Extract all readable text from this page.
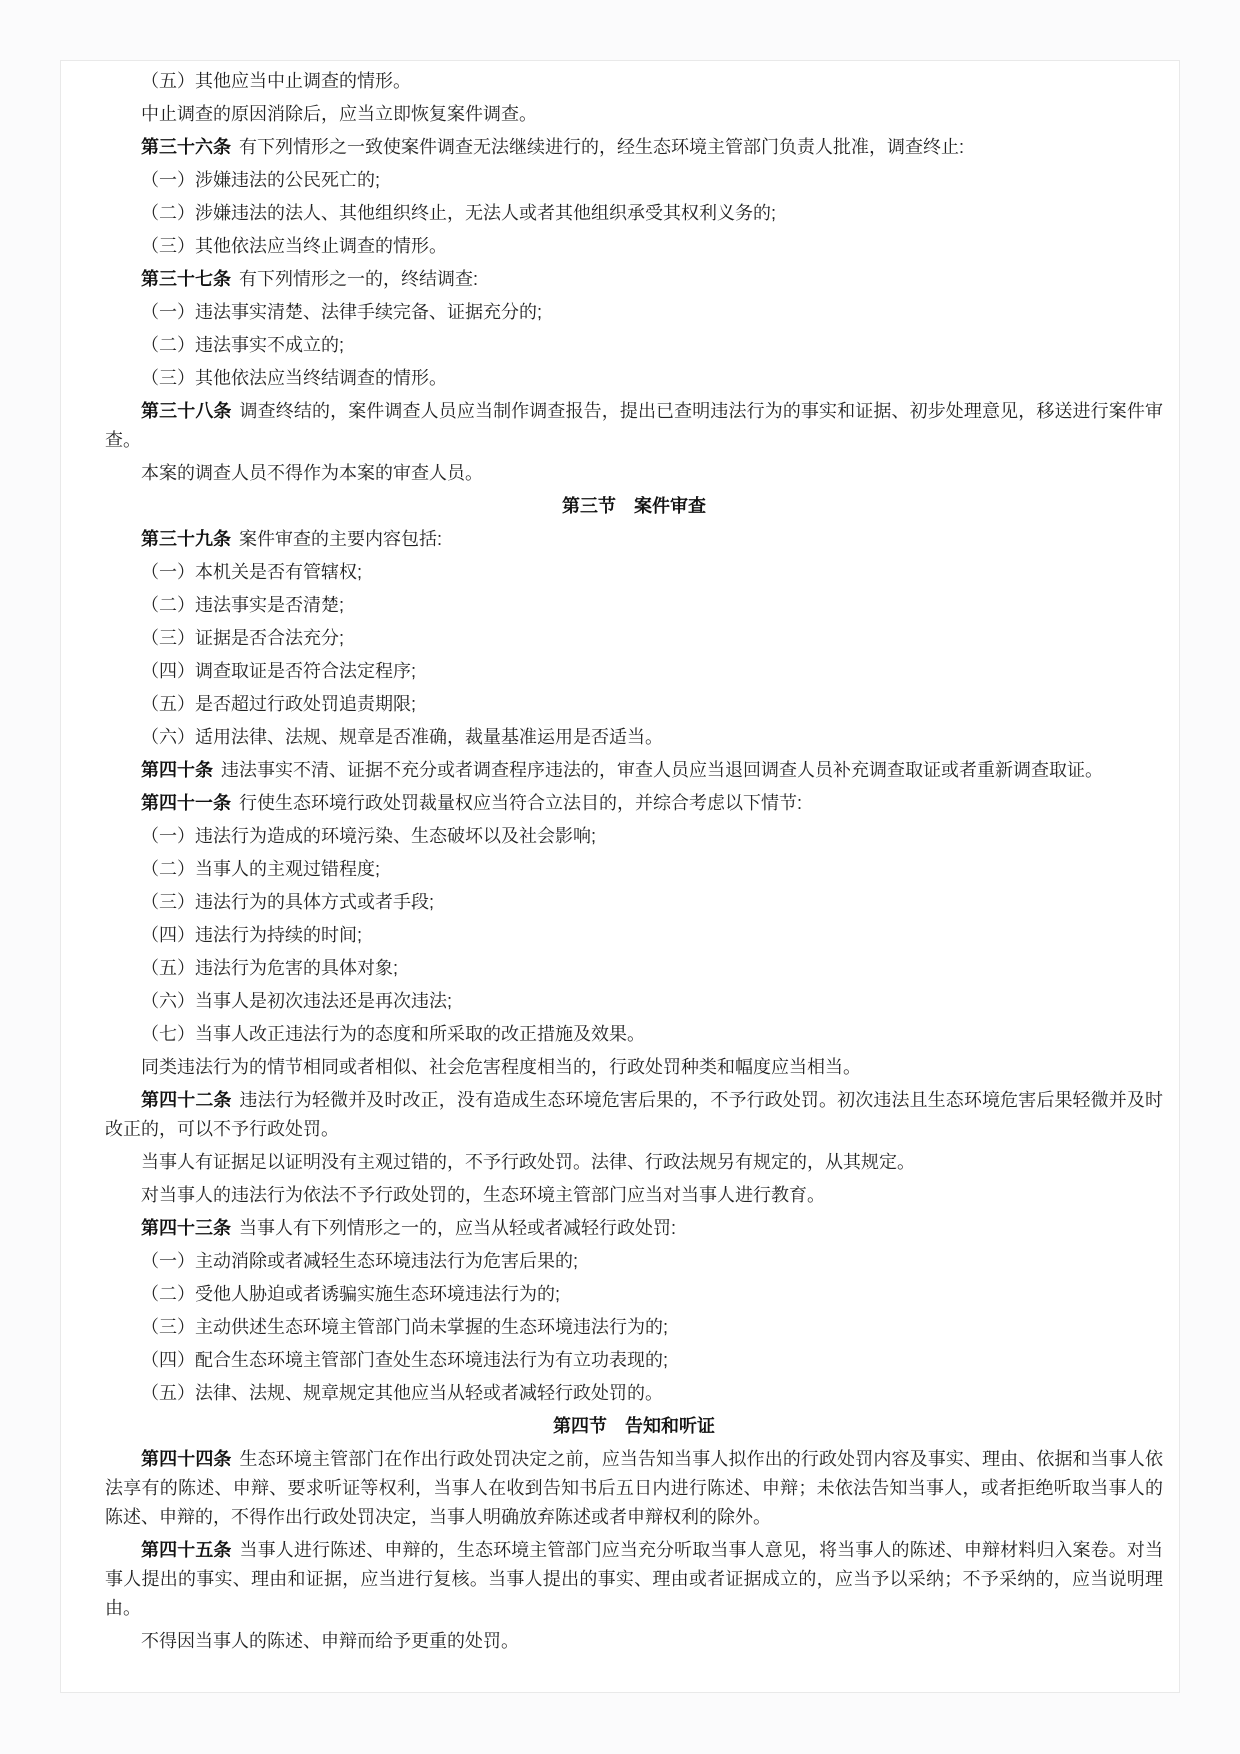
（五）其他应当中止调查的情形。

中止调查的原因消除后，应当立即恢复案件调查。

第三十六条 有下列情形之一致使案件调查无法继续进行的，经生态环境主管部门负责人批准，调查终止:

（一）涉嫌违法的公民死亡的;

（二）涉嫌违法的法人、其他组织终止，无法人或者其他组织承受其权利义务的;

（三）其他依法应当终止调查的情形。

第三十七条 有下列情形之一的，终结调查:

（一）违法事实清楚、法律手续完备、证据充分的;

（二）违法事实不成立的;

（三）其他依法应当终结调查的情形。

第三十八条 调查终结的，案件调查人员应当制作调查报告，提出已查明违法行为的事实和证据、初步处理意见，移送进行案件审查。

本案的调查人员不得作为本案的审查人员。

第三节　案件审查

第三十九条 案件审查的主要内容包括:

（一）本机关是否有管辖权;

（二）违法事实是否清楚;

（三）证据是否合法充分;

（四）调查取证是否符合法定程序;

（五）是否超过行政处罚追责期限;

（六）适用法律、法规、规章是否准确，裁量基准运用是否适当。

第四十条 违法事实不清、证据不充分或者调查程序违法的，审查人员应当退回调查人员补充调查取证或者重新调查取证。

第四十一条 行使生态环境行政处罚裁量权应当符合立法目的，并综合考虑以下情节:

（一）违法行为造成的环境污染、生态破坏以及社会影响;

（二）当事人的主观过错程度;

（三）违法行为的具体方式或者手段;

（四）违法行为持续的时间;

（五）违法行为危害的具体对象;

（六）当事人是初次违法还是再次违法;

（七）当事人改正违法行为的态度和所采取的改正措施及效果。

同类违法行为的情节相同或者相似、社会危害程度相当的，行政处罚种类和幅度应当相当。

第四十二条 违法行为轻微并及时改正，没有造成生态环境危害后果的，不予行政处罚。初次违法且生态环境危害后果轻微并及时改正的，可以不予行政处罚。

当事人有证据足以证明没有主观过错的，不予行政处罚。法律、行政法规另有规定的，从其规定。

对当事人的违法行为依法不予行政处罚的，生态环境主管部门应当对当事人进行教育。

第四十三条 当事人有下列情形之一的，应当从轻或者减轻行政处罚:

（一）主动消除或者减轻生态环境违法行为危害后果的;

（二）受他人胁迫或者诱骗实施生态环境违法行为的;

（三）主动供述生态环境主管部门尚未掌握的生态环境违法行为的;

（四）配合生态环境主管部门查处生态环境违法行为有立功表现的;

（五）法律、法规、规章规定其他应当从轻或者减轻行政处罚的。

第四节　告知和听证

第四十四条 生态环境主管部门在作出行政处罚决定之前，应当告知当事人拟作出的行政处罚内容及事实、理由、依据和当事人依法享有的陈述、申辩、要求听证等权利，当事人在收到告知书后五日内进行陈述、申辩；未依法告知当事人，或者拒绝听取当事人的陈述、申辩的，不得作出行政处罚决定，当事人明确放弃陈述或者申辩权利的除外。

第四十五条 当事人进行陈述、申辩的，生态环境主管部门应当充分听取当事人意见，将当事人的陈述、申辩材料归入案卷。对当事人提出的事实、理由和证据，应当进行复核。当事人提出的事实、理由或者证据成立的，应当予以采纳；不予采纳的，应当说明理由。

不得因当事人的陈述、申辩而给予更重的处罚。
